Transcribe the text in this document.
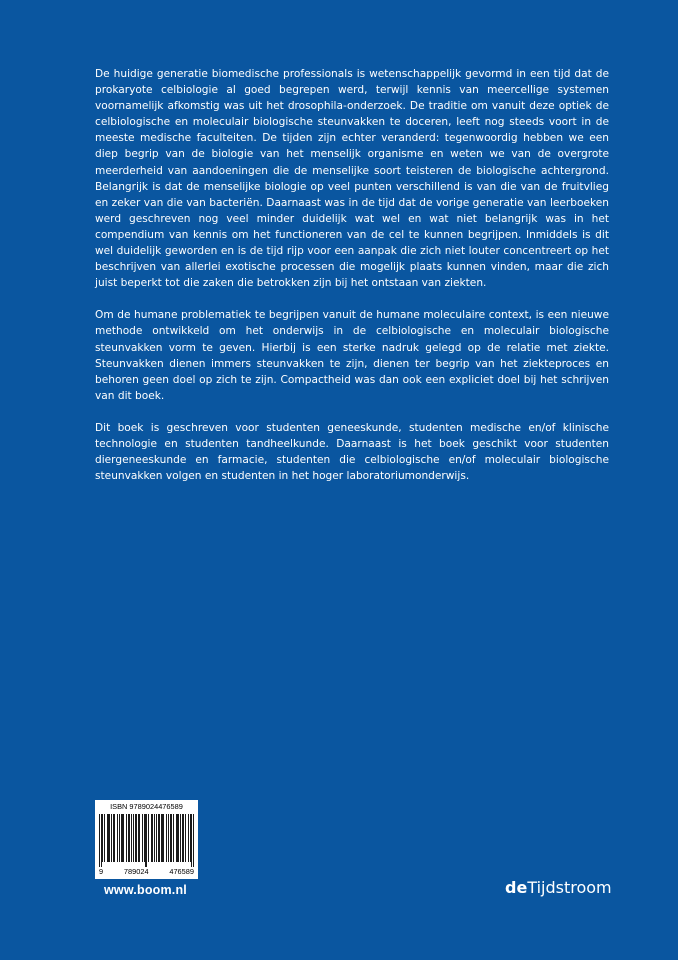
De huidige generatie biomedische professionals is wetenschappelijk gevormd in een tijd dat de prokaryote celbiologie al goed begrepen werd, terwijl kennis van meercellige systemen voornamelijk afkomstig was uit het drosophila-onderzoek. De traditie om vanuit deze optiek de celbiologische en moleculair biologische steunvakken te doceren, leeft nog steeds voort in de meeste medische faculteiten. De tijden zijn echter veranderd: tegenwoordig hebben we een diep begrip van de biologie van het menselijk organisme en weten we van de overgrote meerderheid van aandoeningen die de menselijke soort teisteren de biologische achtergrond. Belangrijk is dat de menselijke biologie op veel punten verschillend is van die van de fruitvlieg en zeker van die van bacteriën. Daarnaast was in de tijd dat de vorige generatie van leerboeken werd geschreven nog veel minder duidelijk wat wel en wat niet belangrijk was in het compendium van kennis om het functioneren van de cel te kunnen begrijpen. Inmiddels is dit wel duidelijk geworden en is de tijd rijp voor een aanpak die zich niet louter concentreert op het beschrijven van allerlei exotische processen die mogelijk plaats kunnen vinden, maar die zich juist beperkt tot die zaken die betrokken zijn bij het ontstaan van ziekten.

Om de humane problematiek te begrijpen vanuit de humane moleculaire context, is een nieuwe methode ontwikkeld om het onderwijs in de celbiologische en moleculair biologische steunvakken vorm te geven. Hierbij is een sterke nadruk gelegd op de relatie met ziekte. Steunvakken dienen immers steunvakken te zijn, dienen ter begrip van het ziekteproces en behoren geen doel op zich te zijn. Compactheid was dan ook een expliciet doel bij het schrijven van dit boek.

Dit boek is geschreven voor studenten geneeskunde, studenten medische en/of klinische technologie en studenten tandheelkunde. Daarnaast is het boek geschikt voor studenten diergeneeskunde en farmacie, studenten die celbiologische en/of moleculair biologische steunvakken volgen en studenten in het hoger laboratoriumonderwijs.

ISBN 9789024476589
9	789024	476589
www.boom.nl	deTijdstroom
